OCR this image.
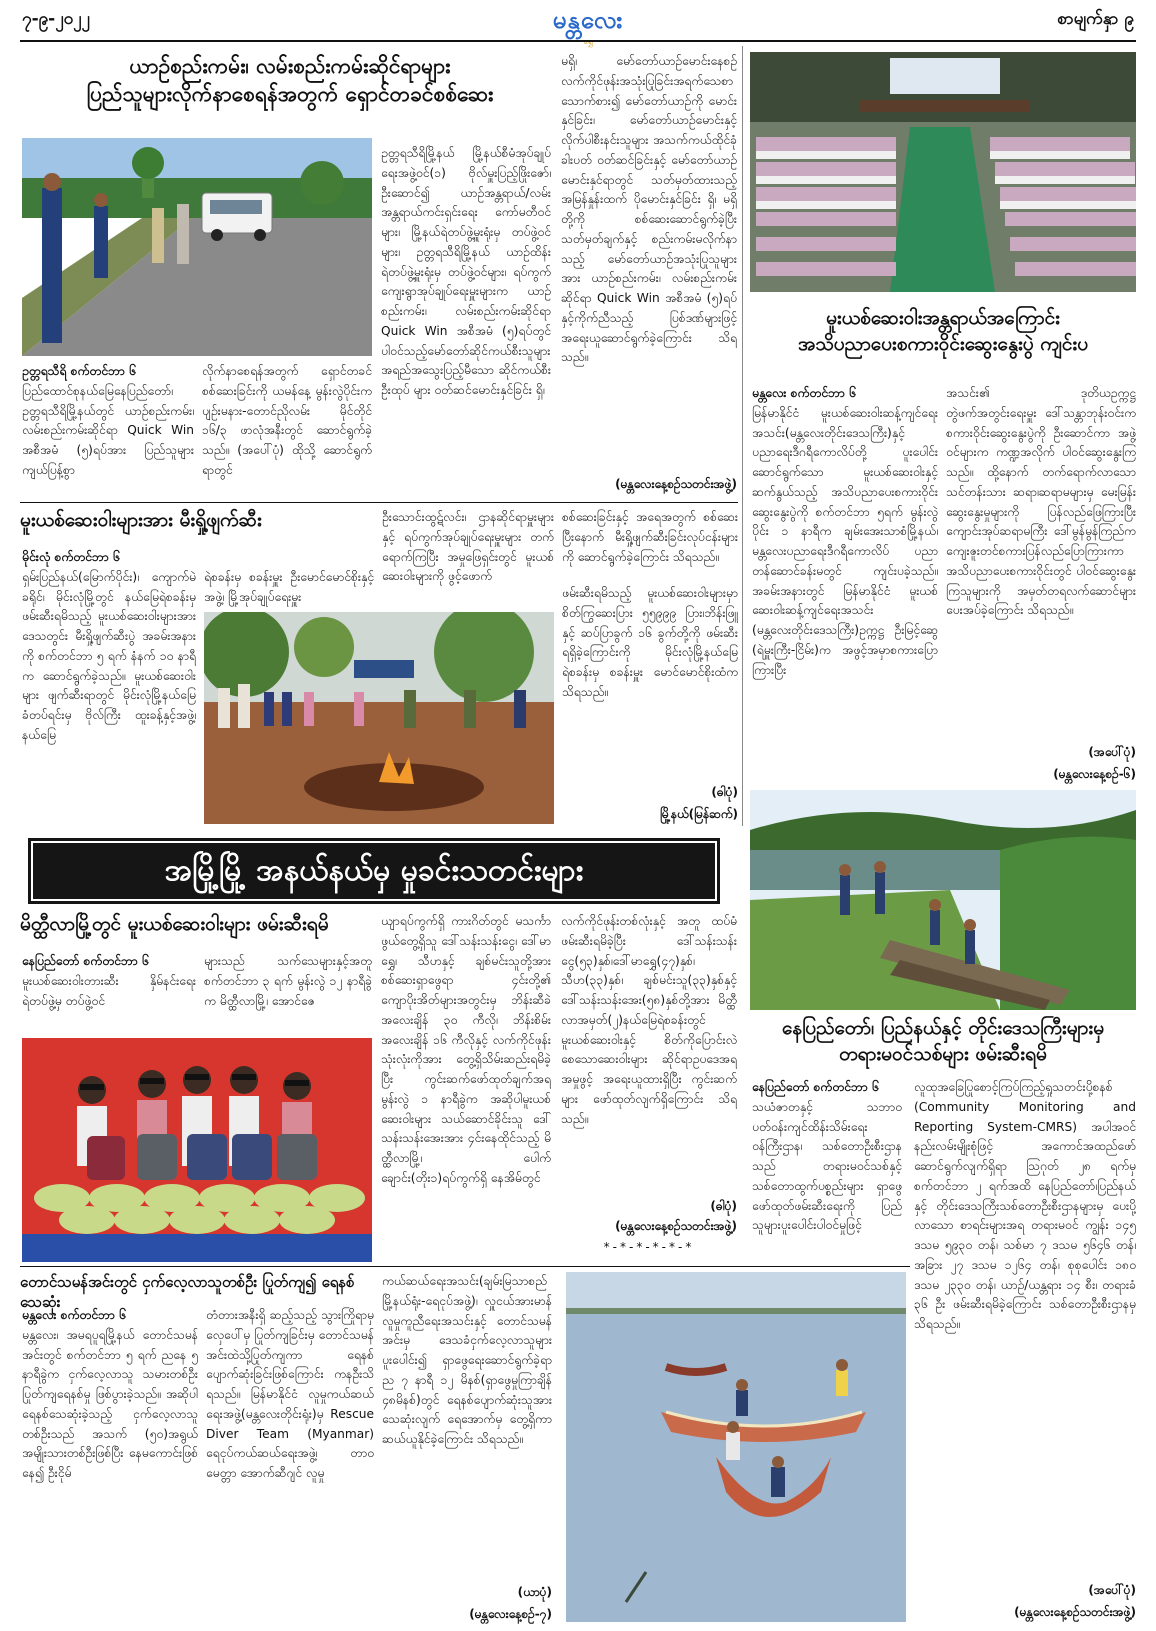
၇-၉-၂၀၂၂	မန္တလေး	စာမျက်နှာ ၉
ယာဉ်စည်းကမ်း၊ လမ်းစည်းကမ်းဆိုင်ရာများ
ပြည်သူများလိုက်နာစေရန်အတွက် ရှောင်တခင်စစ်ဆေး
ဥတ္တရသီရိ စက်တင်ဘာ ၆
ပြည်ထောင်စုနယ်မြေနေပြည်တော်၊ ဥတ္တရသီရိမြို့နယ်တွင် ယာဉ်စည်းကမ်း၊ လမ်းစည်းကမ်းဆိုင်ရာ Quick Win အစီအမံ (၅)ရပ်အား ပြည်သူများ ကျယ်ပြန့်စွာ
လိုက်နာစေရန်အတွက် ရှောင်တခင် စစ်ဆေးခြင်းကို ယမန်နေ့ မွန်းလွဲပိုင်းက ပျဉ်းမနား-တောင်ညိုလမ်း မိုင်တိုင် ၁၆/၃ ဖာလုံအနီးတွင် ဆောင်ရွက်ခဲ့သည်။ (အပေါ်ပုံ) ထိုသို့ ဆောင်ရွက်ရာတွင်
ဥတ္တရသီရိမြို့နယ် မြို့နယ်စီမံအုပ်ချုပ်ရေးအဖွဲ့ဝင်(၁) ဗိုလ်မှူးပြည့်ဖြိုးဇော်၊ ဦးဆောင်၍ ယာဉ်အန္တရာယ်/လမ်းအန္တရာယ်ကင်းရှင်းရေး ကော်မတီဝင်များ၊ မြို့နယ်ရဲတပ်ဖွဲ့မှူးရုံးမှ တပ်ဖွဲ့ဝင်များ၊ ဥတ္တရသီရိမြို့နယ် ယာဉ်ထိန်းရဲတပ်ဖွဲ့မှူးရုံးမှ တပ်ဖွဲ့ဝင်များ၊ ရပ်ကွက်ကျေးရွာအုပ်ချုပ်ရေးမှူးများက ယာဉ်စည်းကမ်း၊ လမ်းစည်းကမ်းဆိုင်ရာ Quick Win အစီအမံ (၅)ရပ်တွင် ပါဝင်သည့်မော်တော်ဆိုင်ကယ်စီးသူများ အရည်အသွေးပြည့်မီသော ဆိုင်ကယ်စီးဦးထုပ် များ ဝတ်ဆင်မောင်းနှင်ခြင်း ရှိ၊
မရှိ၊ မော်တော်ယာဉ်မောင်းနေစဉ် လက်ကိုင်ဖုန်းအသုံးပြုခြင်းအရက်သေစာသောက်စား၍ မော်တော်ယာဉ်ကို မောင်းနှင်ခြင်း၊ မော်တော်ယာဉ်မောင်းနှင့် လိုက်ပါစီးနင်းသူများ အသက်ကယ်ထိုင်ခုံခါးပတ် ဝတ်ဆင်ခြင်းနှင့် မော်တော်ယာဉ်မောင်းနှင်ရာတွင် သတ်မှတ်ထားသည့် အမြန်နှုန်းထက် ပိုမောင်းနှင်ခြင်း ရှိ၊ မရှိတို့ကို စစ်ဆေးဆောင်ရွက်ခဲ့ပြီး သတ်မှတ်ချက်နှင့် စည်းကမ်းမလိုက်နာသည့် မော်တော်ယာဉ်အသုံးပြုသူများအား ယာဉ်စည်းကမ်း၊ လမ်းစည်းကမ်းဆိုင်ရာ Quick Win အစီအမံ (၅)ရပ်နှင့်ကိုက်ညီသည့် ပြစ်ဒဏ်များဖြင့် အရေးယူဆောင်ရွက်ခဲ့ကြောင်း သိရသည်။
(မန္တလေးနေ့စဉ်သတင်းအဖွဲ့)
မူးယစ်ဆေးဝါးအန္တရာယ်အကြောင်း
အသိပညာပေးစကားဝိုင်းဆွေးနွေးပွဲ ကျင်းပ
မန္တလေး စက်တင်ဘာ ၆
မြန်မာနိုင်ငံ မူးယစ်ဆေးဝါးဆန့်ကျင်ရေးအသင်း(မန္တလေးတိုင်းဒေသကြီး)နှင့် ပညာရေးဒီဂရီကောလိပ်တို့ ပူးပေါင်းဆောင်ရွက်သော မူးယစ်ဆေးဝါးနှင့် ဆက်နွယ်သည့် အသိပညာပေးစကားဝိုင်း ဆွေးနွေးပွဲကို စက်တင်ဘာ ၅ရက် မွန်းလွဲပိုင်း ၁ နာရီက ချမ်းအေးသာစံမြို့နယ်၊ မန္တလေးပညာရေးဒီဂရီကောလိပ် ပညာတန်ဆောင်ခန်းမတွင် ကျင်းပခဲ့သည်။ အခမ်းအနားတွင် မြန်မာနိုင်ငံ မူးယစ်ဆေးဝါးဆန့်ကျင်ရေးအသင်း (မန္တလေးတိုင်းဒေသကြီး)ဥက္ကဋ္ဌ ဦးမြင့်ဆွေ (ရဲမှူးကြီး-ငြိမ်း)က အဖွင့်အမှာစကားပြောကြားပြီး
အသင်း၏ ဒုတိယဥက္ကဋ္ဌ တွဲဖက်အတွင်းရေးမှူး ဒေါ်သန္တာဘုန်းဝင်းက စကားဝိုင်းဆွေးနွေးပွဲကို ဦးဆောင်ကာ အဖွဲ့ဝင်များက ကဏ္ဍအလိုက် ပါဝင်ဆွေးနွေးကြသည်။ ထို့နောက် တက်ရောက်လာသော သင်တန်းသား ဆရာ၊ဆရာမများမှ မေးမြန်းဆွေးနွေးမှုများကို ပြန်လည်ဖြေကြားပြီး ကျောင်းအုပ်ဆရာမကြီး ဒေါ်မွန်မွန်ကြည်က ကျေးဇူးတင်စကားပြန်လည်ပြောကြားကာ အသိပညာပေးစကားဝိုင်းတွင် ပါဝင်ဆွေးနွေးကြသူများကို အမှတ်တရလက်ဆောင်များ ပေးအပ်ခဲ့ကြောင်း သိရသည်။
(အပေါ်ပုံ)
(မန္တလေးနေ့စဉ်-၆)
မူးယစ်ဆေးဝါးများအား မီးရှို့ဖျက်ဆီး
မိုင်းလုံ စက်တင်ဘာ ၆
ရှမ်းပြည်နယ်(မြောက်ပိုင်း)၊ ကျောက်မဲခရိုင်၊ မိုင်းလုံမြို့တွင် နယ်မြေရဲစခန်းမှ ဖမ်းဆီးရမိသည့် မူးယစ်ဆေးဝါးများအား ဒေသတွင်း မီးရှို့ဖျက်ဆီးပွဲ အခမ်းအနားကို စက်တင်ဘာ ၅ ရက် နံနက် ၁၀ နာရီက ဆောင်ရွက်ခဲ့သည်။ မူးယစ်ဆေးဝါးများ ဖျက်ဆီးရာတွင် မိုင်းလုံမြို့နယ်မြေခံတပ်ရင်းမှ ဗိုလ်ကြီး ထူးခန့်နှင့်အဖွဲ့၊နယ်မြေ
ရဲစခန်းမှ စခန်းမှူး ဦးမောင်မောင်စိုးနှင့်အဖွဲ့၊ မြို့အုပ်ချုပ်ရေးမှူး
ဦးသောင်းထွဋ်လင်း၊ ဌာနဆိုင်ရာမှူးများနှင့် ရပ်ကွက်အုပ်ချုပ်ရေးမှူးများ တက်ရောက်ကြပြီး အမှုဖြေရှင်းတွင် မူးယစ်ဆေးဝါးများကို ဖွင့်ဖောက်
စစ်ဆေးခြင်းနှင့် အရေအတွက် စစ်ဆေးပြီးနောက် မီးရှို့ဖျက်ဆီးခြင်းလုပ်ငန်းများကို ဆောင်ရွက်ခဲ့ကြောင်း သိရသည်။
ဖမ်းဆီးရမိသည့် မူးယစ်ဆေးဝါးများမှာ စိတ်ကြွဆေးပြား ၅၅၉၉၉ ပြား၊ဘိန်းဖြူနှင့် ဆပ်ပြာခွက် ၁၆ ခွက်တို့ကို ဖမ်းဆီးရရှိခဲ့ကြောင်းကို မိုင်းလုံမြို့နယ်မြေ ရဲစခန်းမှ စခန်းမှူး မောင်မောင်စိုးထံက သိရသည်။
(ဓါပုံ)
မြို့နယ်(မြန်ဆက်)
အမြို့မြို့ အနယ်နယ်မှ မှုခင်းသတင်းများ
မိတ္ထီလာမြို့တွင် မူးယစ်ဆေးဝါးများ ဖမ်းဆီးရမိ
နေပြည်တော် စက်တင်ဘာ ၆
မူးယစ်ဆေးဝါးတားဆီး နှိမ်နင်းရေးရဲတပ်ဖွဲ့မှ တပ်ဖွဲ့ဝင်
များသည် သက်သေများနှင့်အတူ စက်တင်ဘာ ၃ ရက် မွန်းလွဲ ၁၂ နာရီခွဲက မိတ္ထီလာမြို့၊ အောင်ဇေ
ယျာရပ်ကွက်ရှိ ကားဂိတ်တွင် မသင်္ကာဖွယ်တွေ့ရှိသူ ဒေါ်သန်းသန်းငွေ၊ ဒေါ်မာရွှေ၊ သီဟနှင့် ချစ်မင်းသူတို့အား စစ်ဆေးရှာဖွေရာ ၄င်းတို့၏ ကျောပိုးအိတ်များအတွင်းမှ ဘိန်းဆီခဲအလေးချိန် ၃၀ ကီလို၊ ဘိန်းစိမ်းအလေးချိန် ၁၆ ကီလိုနှင့် လက်ကိုင်ဖုန်းသုံးလုံးကိုအား တွေ့ရှိသိမ်းဆည်းရမိခဲ့ပြီး ကွင်းဆက်ဖော်ထုတ်ချက်အရ မွန်းလွဲ ၁ နာရီခွဲက အဆိုပါမူးယစ်ဆေးဝါးများ သယ်ဆောင်ခိုင်းသူ ဒေါ်သန်းသန်းအေးအား ၄င်းနေထိုင်သည့် မိတ္ထီလာမြို့၊ ပေါက်ချောင်း(တိုး၁)ရပ်ကွက်ရှိ နေအိမ်တွင်
လက်ကိုင်ဖုန်းတစ်လုံးနှင့် အတူ ထပ်မံဖမ်းဆီးရမိခဲ့ပြီး ဒေါ်သန်းသန်းငွေ(၅၃)နှစ်၊ဒေါ်မာရွှေ(၄၇)နှစ်၊ သီဟ(၃၃)နှစ်၊ ချစ်မင်းသူ(၃၃)နှစ်နှင့် ဒေါ်သန်းသန်းအေး(၅၈)နှစ်တို့အား မိတ္ထီလာအမှတ်(၂)နယ်မြေရဲစခန်းတွင် မူးယစ်ဆေးဝါးနှင့် စိတ်ကိုပြောင်းလဲစေသောဆေးဝါးများ ဆိုင်ရာဥပဒေအရ အမှုဖွင့် အရေးယူထားရှိပြီး ကွင်းဆက်များ ဖော်ထုတ်လျက်ရှိကြောင်း သိရသည်။
(ဓါပုံ)
(မန္တလေးနေ့စဉ်သတင်းအဖွဲ့)
*-*-*-*-*-*
နေပြည်တော်၊ ပြည်နယ်နှင့် တိုင်းဒေသကြီးများမှ
တရားမဝင်သစ်များ ဖမ်းဆီးရမိ
နေပြည်တော် စက်တင်ဘာ ၆
သယံဇာတနှင့် သဘာဝပတ်ဝန်းကျင်ထိန်းသိမ်းရေးဝန်ကြီးဌာန၊ သစ်တောဦးစီးဌာနသည် တရားမဝင်သစ်နှင့် သစ်တောထွက်ပစ္စည်းများ ရှာဖွေဖော်ထုတ်ဖမ်းဆီးရေးကို ပြည်သူများပူးပေါင်းပါဝင်မှုဖြင့်
လူထုအခြေပြုစောင့်ကြပ်ကြည့်ရှုသတင်းပို့စနစ် (Community Monitoring and Reporting System-CMRS) အပါအဝင် နည်းလမ်းမျိုးစုံဖြင့် အကောင်အထည်ဖော်ဆောင်ရွက်လျက်ရှိရာ ဩဂုတ် ၂၈ ရက်မှ စက်တင်ဘာ ၂ ရက်အထိ နေပြည်တော်၊ပြည်နယ်နှင့် တိုင်းဒေသကြီးသစ်တောဦးစီးဌာနများမှ ပေးပို့လာသော စာရင်းများအရ တရားမဝင် ကျွန်း ၁၄၅ ဒသမ ၅၉၃၀ တန်၊ သစ်မာ ၇ ဒသမ ၅၆၄၆ တန်၊ အခြား ၂၇ ဒသမ ၁၂၆၄ တန်၊ စုစုပေါင်း ၁၈၀ ဒသမ ၂၃၃၀ တန်၊ ယာဉ်/ယန္တရား ၁၄ စီး၊ တရားခံ ၃၆ ဦး ဖမ်းဆီးရမိခဲ့ကြောင်း သစ်တောဦးစီးဌာနမှ သိရသည်။
(အပေါ်ပုံ)
(မန္တလေးနေ့စဉ်သတင်းအဖွဲ့)
တောင်သမန်အင်းတွင် ငှက်လေ့လာသူတစ်ဦး ပြုတ်ကျ၍ ရေနစ်သေဆုံး
မန္တလေး စက်တင်ဘာ ၆
မန္တလေး၊ အမရပူရမြို့နယ် တောင်သမန်အင်းတွင် စက်တင်ဘာ ၅ ရက် ညနေ ၅ နာရီခွဲက ငှက်လေ့လာသူ သမားတစ်ဦး ပြုတ်ကျရေနစ်မှု ဖြစ်ပွားခဲ့သည်။ အဆိုပါရေနစ်သေဆုံးခဲ့သည့် ငှက်လေ့လာသူတစ်ဦးသည် အသက် (၅၀)အရွယ်အမျိုးသားတစ်ဦးဖြစ်ပြီး နေမကောင်းဖြစ်နေ၍ ဦးငိုမ်
တံတားအနီးရှိ ဆည့်သည့် သွားကြိုရာမှ လှေပေါ်မှ ပြုတ်ကျခြင်းမှ တောင်သမန်အင်းထဲသို့ပြုတ်ကျကာ ရေနစ်ပျောက်ဆုံးခြင်းဖြစ်ကြောင်း ကနဦးသိရသည်။ မြန်မာနိုင်ငံ လူမှုကယ်ဆယ်ရေးအဖွဲ့(မန္တလေးတိုင်းရုံး)မှ Rescue Diver Team (Myanmar) ရေငုပ်ကယ်ဆယ်ရေးအဖွဲ့၊ တာဝမေတ္တာ အောက်ဆီဂျင် လူမှု
ကယ်ဆယ်ရေးအသင်း(ချမ်းမြသာစည်မြို့နယ်ရုံး-ရေငုပ်အဖွဲ့)၊ လှူငယ်အားမာန် လူမှုကူညီရေးအသင်းနှင့် တောင်သမန်အင်းမှ ဒေသခံငှက်လေ့လာသူများ ပူးပေါင်း၍ ရှာဖွေရေးဆောင်ရွက်ခဲ့ရာ ည ၇ နာရီ ၁၂ မိနစ်(ရှာဖွေမှုကြာချိန် ၄၈မိနစ်)တွင် ရေနစ်ပျောက်ဆုံးသူအား သေဆုံးလျက် ရေအောက်မှ တွေ့ရှိကာ ဆယ်ယူနိုင်ခဲ့ကြောင်း သိရသည်။
(ယာပုံ)
(မန္တလေးနေ့စဉ်-၇)
